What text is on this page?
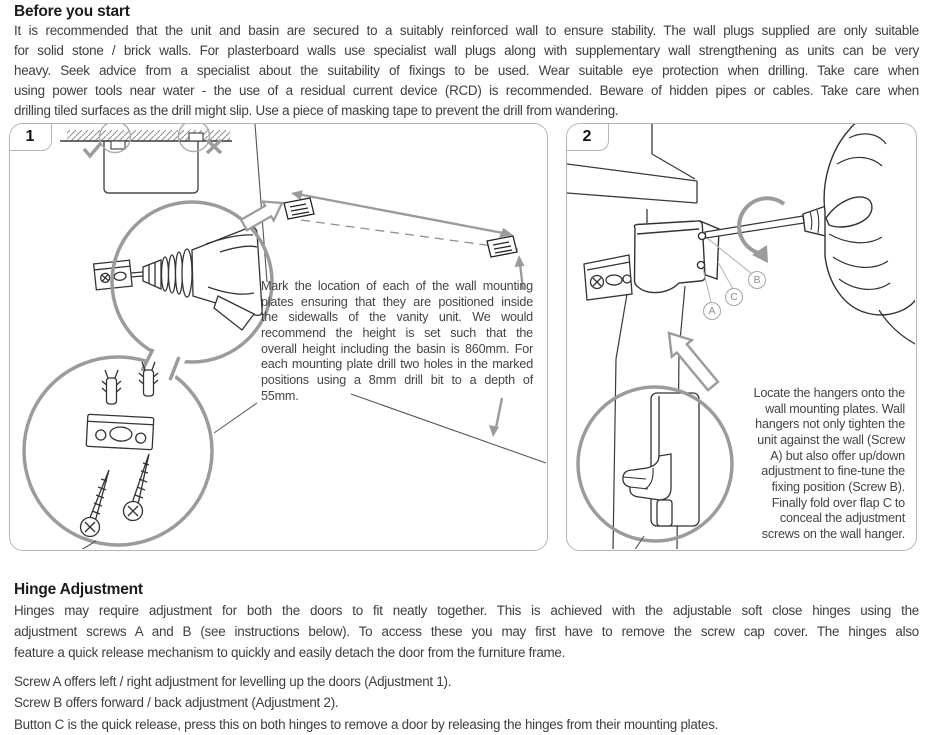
Before you start
It is recommended that the unit and basin are secured to a suitably reinforced wall to ensure stability. The wall plugs supplied are only suitable
for solid stone / brick walls. For plasterboard walls use specialist wall plugs along with supplementary wall strengthening as units can be very
heavy. Seek advice from a specialist about the suitability of fixings to be used. Wear suitable eye protection when drilling. Take care when
using power tools near water - the use of a residual current device (RCD) is recommended. Beware of hidden pipes or cables. Take care when
drilling tiled surfaces as the drill might slip. Use a piece of masking tape to prevent the drill from wandering.
1
Mark the location of each of the wall mounting
plates ensuring that they are positioned inside
the sidewalls of the vanity unit. We would
recommend the height is set such that the
overall height including the basin is 860mm. For
each mounting plate drill two holes in the marked
positions using a 8mm drill bit to a depth of
55mm.
2
A
B
C
Locate the hangers onto the
wall mounting plates. Wall
hangers not only tighten the
unit against the wall (Screw
A) but also offer up/down
adjustment to fine-tune the
fixing position (Screw B).
Finally fold over flap C to
conceal the adjustment
screws on the wall hanger.
Hinge Adjustment
Hinges may require adjustment for both the doors to fit neatly together. This is achieved with the adjustable soft close hinges using the
adjustment screws A and B (see instructions below). To access these you may first have to remove the screw cap cover. The hinges also
feature a quick release mechanism to quickly and easily detach the door from the furniture frame.
Screw A offers left / right adjustment for levelling up the doors (Adjustment 1).
Screw B offers forward / back adjustment (Adjustment 2).
Button C is the quick release, press this on both hinges to remove a door by releasing the hinges from their mounting plates.
